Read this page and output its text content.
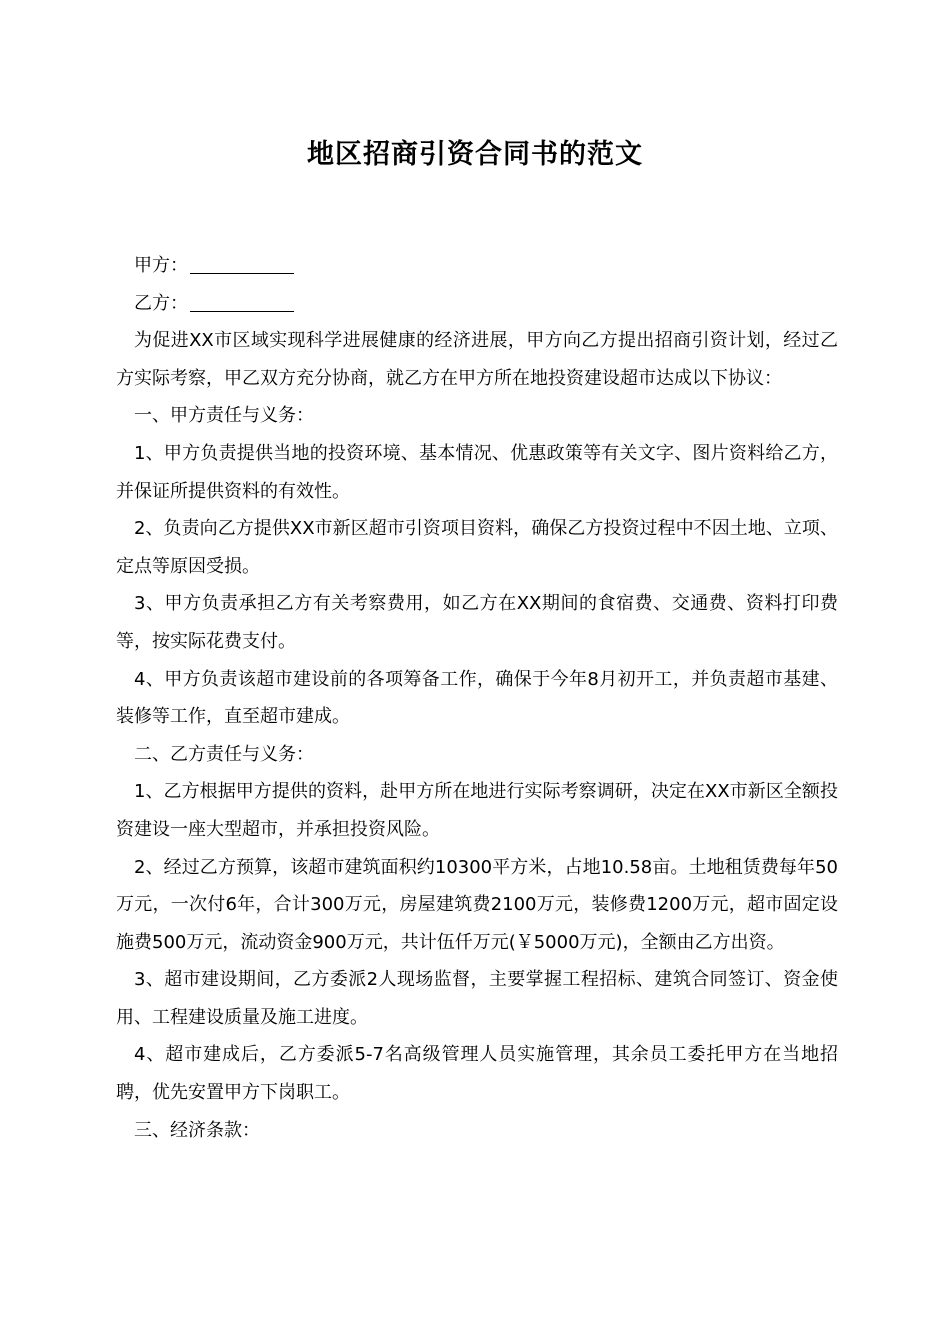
地区招商引资合同书的范文

甲方：

乙方：

为促进XX市区域实现科学进展健康的经济进展，甲方向乙方提出招商引资计划，经过乙方实际考察，甲乙双方充分协商，就乙方在甲方所在地投资建设超市达成以下协议：

一、甲方责任与义务：

1、甲方负责提供当地的投资环境、基本情况、优惠政策等有关文字、图片资料给乙方，并保证所提供资料的有效性。

2、负责向乙方提供XX市新区超市引资项目资料，确保乙方投资过程中不因土地、立项、定点等原因受损。

3、甲方负责承担乙方有关考察费用，如乙方在XX期间的食宿费、交通费、资料打印费等，按实际花费支付。

4、甲方负责该超市建设前的各项筹备工作，确保于今年8月初开工，并负责超市基建、装修等工作，直至超市建成。

二、乙方责任与义务：

1、乙方根据甲方提供的资料，赴甲方所在地进行实际考察调研，决定在XX市新区全额投资建设一座大型超市，并承担投资风险。

2、经过乙方预算，该超市建筑面积约10300平方米，占地10.58亩。土地租赁费每年50万元，一次付6年，合计300万元，房屋建筑费2100万元，装修费1200万元，超市固定设施费500万元，流动资金900万元，共计伍仟万元(￥5000万元)，全额由乙方出资。

3、超市建设期间，乙方委派2人现场监督，主要掌握工程招标、建筑合同签订、资金使用、工程建设质量及施工进度。

4、超市建成后，乙方委派5-7名高级管理人员实施管理，其余员工委托甲方在当地招聘，优先安置甲方下岗职工。

三、经济条款：
